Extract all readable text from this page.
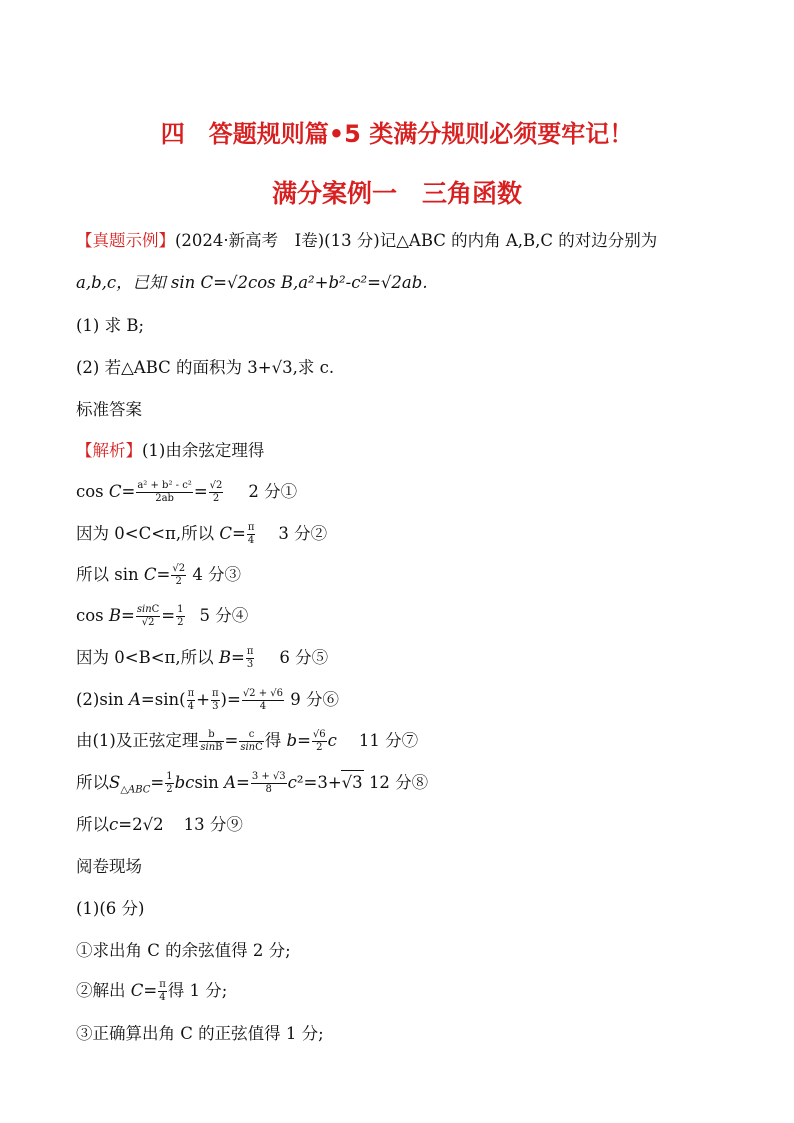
四　答题规则篇•5 类满分规则必须要牢记！
满分案例一　三角函数
【真题示例】(2024·新高考　Ⅰ卷)(13 分)记△ABC 的内角 A,B,C 的对边分别为
a,b,c，已知 sin C=√2cos B,a²+b²-c²=√2ab.
(1) 求 B;
(2) 若△ABC 的面积为 3+√3,求 c.
标准答案
【解析】(1)由余弦定理得
$\cos C= \frac{\text{a² + b² - c²}}{2ab} = \frac{√2}{2} 2$ 分①
因为 0<C<π,所以 $C= \frac{\pi}{4} 3$ 分②
所以 $\sin C= \frac{√2}{2} 4$ 分③
$\cos B= \frac{\sin C}{√2} = \frac{1}{2} 5$ 分④
因为 0<B<π,所以 $B= \frac{\pi}{3} 6$ 分⑤
(2)sin $A=\sin( \frac{\pi}{4} + \frac{\pi}{3}$ )= $\frac{√2 + √6}{4} 9$ 分⑥
由(1)及正弦定理 $\frac{b}{\sin B} = \frac{c}{\sin C}$ 得 $b= \frac{√6}{2}$ c 11 分⑦
所以$S_{\triangle ABC}= \frac{1}{2}$ bcsin $A= \frac{3 + √3}{8} c^2=3+√3$ 12 分⑧
所以c=2√2 13 分⑨
阅卷现场
(1)(6 分)
①求出角 C 的余弦值得 2 分;
②解出 $C= \frac{\pi}{4}$ 得 1 分;
③正确算出角 C 的正弦值得 1 分;
